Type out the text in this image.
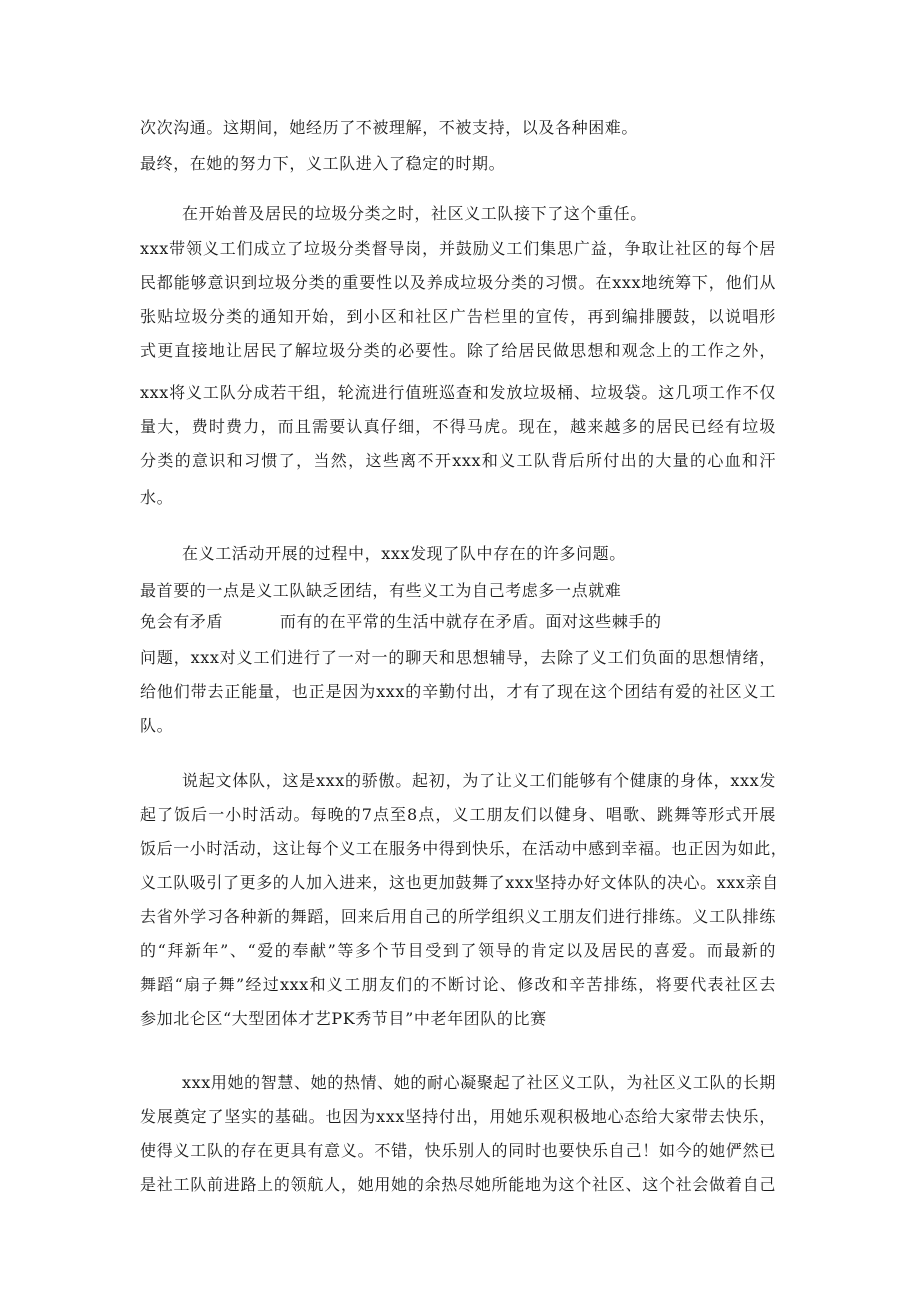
次次沟通。这期间，她经历了不被理解，不被支持，以及各种困难。
最终，在她的努力下，义工队进入了稳定的时期。
在开始普及居民的垃圾分类之时，社区义工队接下了这个重任。
xxx带领义工们成立了垃圾分类督导岗，并鼓励义工们集思广益，争取让社区的每个居
民都能够意识到垃圾分类的重要性以及养成垃圾分类的习惯。在xxx地统筹下，他们从
张贴垃圾分类的通知开始，到小区和社区广告栏里的宣传，再到编排腰鼓，以说唱形
式更直接地让居民了解垃圾分类的必要性。除了给居民做思想和观念上的工作之外，
xxx将义工队分成若干组，轮流进行值班巡查和发放垃圾桶、垃圾袋。这几项工作不仅
量大，费时费力，而且需要认真仔细，不得马虎。现在，越来越多的居民已经有垃圾
分类的意识和习惯了，当然，这些离不开xxx和义工队背后所付出的大量的心血和汗
水。
在义工活动开展的过程中，xxx发现了队中存在的许多问题。
最首要的一点是义工队缺乏团结，有些义工为自己考虑多一点就难
免会有矛盾          而有的在平常的生活中就存在矛盾。面对这些棘手的
问题，xxx对义工们进行了一对一的聊天和思想辅导，去除了义工们负面的思想情绪，
给他们带去正能量，也正是因为xxx的辛勤付出，才有了现在这个团结有爱的社区义工
队。
说起文体队，这是xxx的骄傲。起初，为了让义工们能够有个健康的身体，xxx发
起了饭后一小时活动。每晚的7点至8点，义工朋友们以健身、唱歌、跳舞等形式开展
饭后一小时活动，这让每个义工在服务中得到快乐，在活动中感到幸福。也正因为如此，
义工队吸引了更多的人加入进来，这也更加鼓舞了xxx坚持办好文体队的决心。xxx亲自
去省外学习各种新的舞蹈，回来后用自己的所学组织义工朋友们进行排练。义工队排练
的“拜新年”、“爱的奉献”等多个节目受到了领导的肯定以及居民的喜爱。而最新的
舞蹈“扇子舞”经过xxx和义工朋友们的不断讨论、修改和辛苦排练，将要代表社区去
参加北仑区“大型团体才艺PK秀节目”中老年团队的比赛
xxx用她的智慧、她的热情、她的耐心凝聚起了社区义工队，为社区义工队的长期
发展奠定了坚实的基础。也因为xxx坚持付出，用她乐观积极地心态给大家带去快乐，
使得义工队的存在更具有意义。不错，快乐别人的同时也要快乐自己！如今的她俨然已
是社工队前进路上的领航人，她用她的余热尽她所能地为这个社区、这个社会做着自己
